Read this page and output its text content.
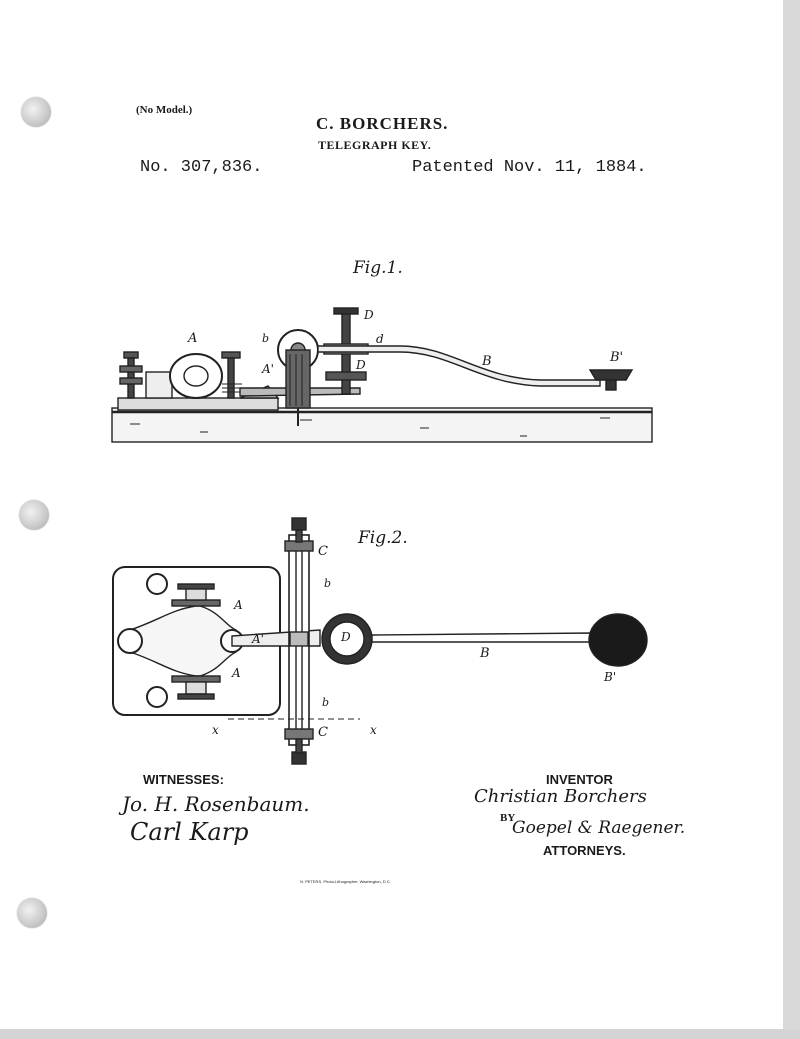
(No Model.)
C. BORCHERS.
TELEGRAPH KEY.
No. 307,836.	Patented Nov. 11, 1884.
Fig.1.
Fig.2.
A	b
A'
D
d
D	B	B'
C
b
A
A'	D
B
A	B'
b
C
x	x
WITNESSES:
Jo. H. Rosenbaum.
Carl Karp
INVENTOR
Christian Borchers
BY
Goepel & Raegener.
ATTORNEYS.
N. PETERS, Photo-Lithographer, Washington, D.C.
